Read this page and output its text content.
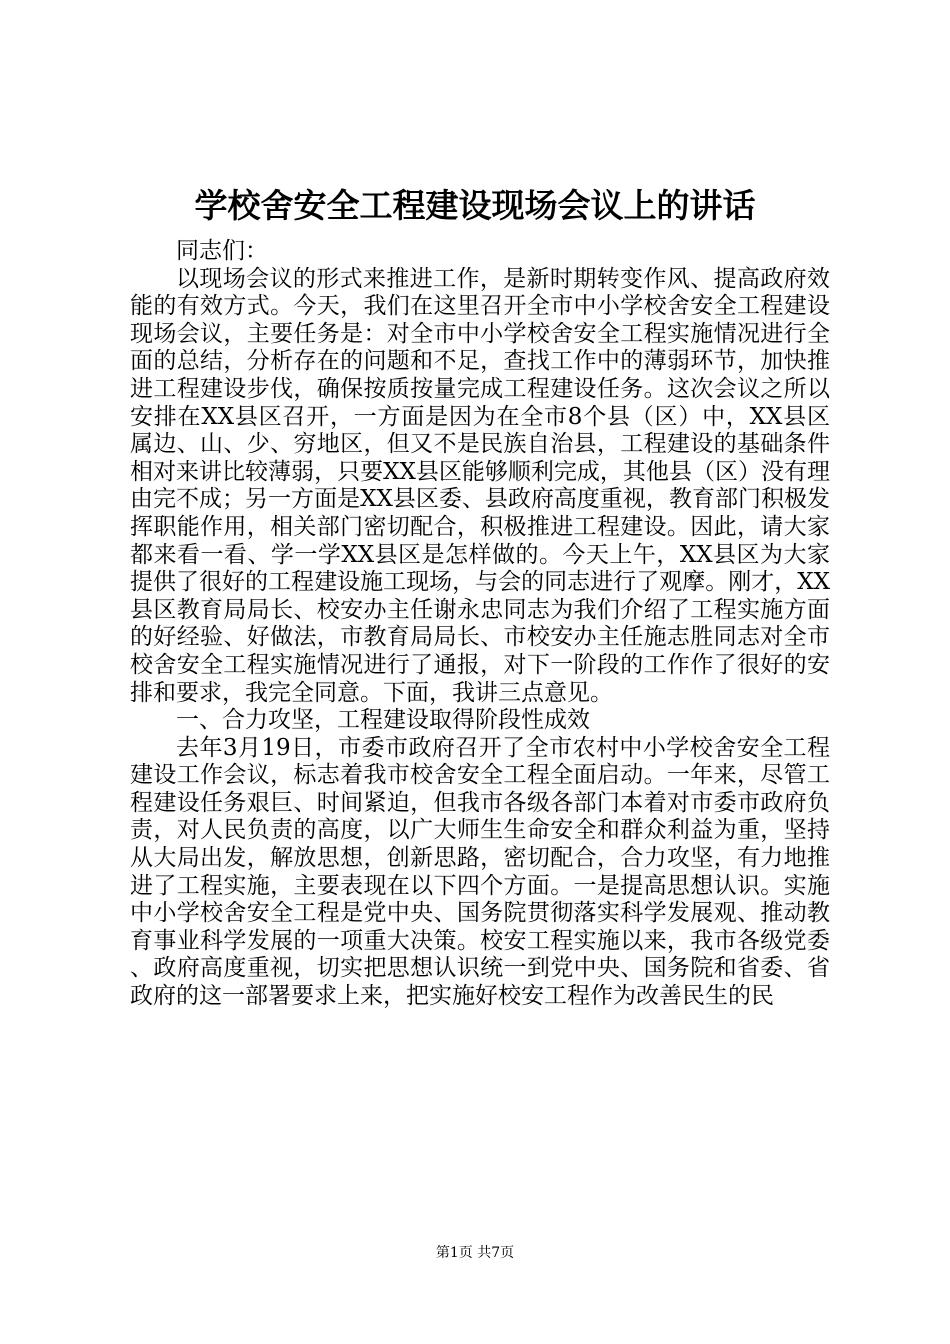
学校舍安全工程建设现场会议上的讲话

同志们：

以现场会议的形式来推进工作，是新时期转变作风、提高政府效能的有效方式。今天，我们在这里召开全市中小学校舍安全工程建设现场会议，主要任务是：对全市中小学校舍安全工程实施情况进行全面的总结，分析存在的问题和不足，查找工作中的薄弱环节，加快推进工程建设步伐，确保按质按量完成工程建设任务。这次会议之所以安排在XX县区召开，一方面是因为在全市8个县（区）中，XX县区属边、山、少、穷地区，但又不是民族自治县，工程建设的基础条件相对来讲比较薄弱，只要XX县区能够顺利完成，其他县（区）没有理由完不成；另一方面是XX县区委、县政府高度重视，教育部门积极发挥职能作用，相关部门密切配合，积极推进工程建设。因此，请大家都来看一看、学一学XX县区是怎样做的。今天上午，XX县区为大家提供了很好的工程建设施工现场，与会的同志进行了观摩。刚才，XX县区教育局局长、校安办主任谢永忠同志为我们介绍了工程实施方面的好经验、好做法，市教育局局长、市校安办主任施志胜同志对全市校舍安全工程实施情况进行了通报，对下一阶段的工作作了很好的安排和要求，我完全同意。下面，我讲三点意见。

一、合力攻坚，工程建设取得阶段性成效

去年3月19日，市委市政府召开了全市农村中小学校舍安全工程建设工作会议，标志着我市校舍安全工程全面启动。一年来，尽管工程建设任务艰巨、时间紧迫，但我市各级各部门本着对市委市政府负责，对人民负责的高度，以广大师生生命安全和群众利益为重，坚持从大局出发，解放思想，创新思路，密切配合，合力攻坚，有力地推进了工程实施，主要表现在以下四个方面。一是提高思想认识。实施中小学校舍安全工程是党中央、国务院贯彻落实科学发展观、推动教育事业科学发展的一项重大决策。校安工程实施以来，我市各级党委、政府高度重视，切实把思想认识统一到党中央、国务院和省委、省政府的这一部署要求上来，把实施好校安工程作为改善民生的民

第1页 共7页
